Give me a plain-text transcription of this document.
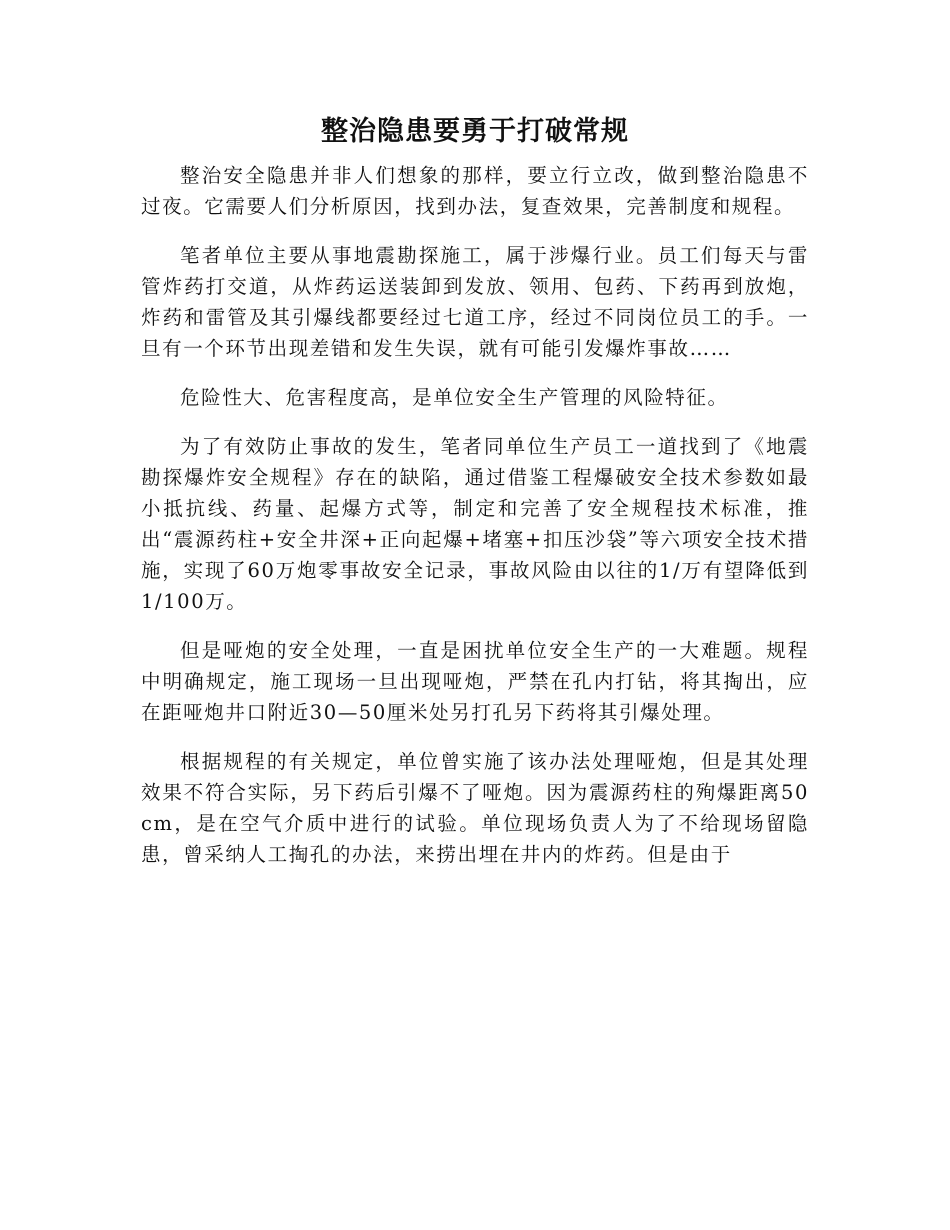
整治隐患要勇于打破常规

整治安全隐患并非人们想象的那样，要立行立改，做到整治隐患不过夜。它需要人们分析原因，找到办法，复查效果，完善制度和规程。

笔者单位主要从事地震勘探施工，属于涉爆行业。员工们每天与雷管炸药打交道，从炸药运送装卸到发放、领用、包药、下药再到放炮，炸药和雷管及其引爆线都要经过七道工序，经过不同岗位员工的手。一旦有一个环节出现差错和发生失误，就有可能引发爆炸事故……

危险性大、危害程度高，是单位安全生产管理的风险特征。

为了有效防止事故的发生，笔者同单位生产员工一道找到了《地震勘探爆炸安全规程》存在的缺陷，通过借鉴工程爆破安全技术参数如最小抵抗线、药量、起爆方式等，制定和完善了安全规程技术标准，推出“震源药柱+安全井深+正向起爆+堵塞+扣压沙袋”等六项安全技术措施，实现了60万炮零事故安全记录，事故风险由以往的1/万有望降低到1/100万。

但是哑炮的安全处理，一直是困扰单位安全生产的一大难题。规程中明确规定，施工现场一旦出现哑炮，严禁在孔内打钻，将其掏出，应在距哑炮井口附近30—50厘米处另打孔另下药将其引爆处理。

根据规程的有关规定，单位曾实施了该办法处理哑炮，但是其处理效果不符合实际，另下药后引爆不了哑炮。因为震源药柱的殉爆距离50cm，是在空气介质中进行的试验。单位现场负责人为了不给现场留隐患，曾采纳人工掏孔的办法，来捞出埋在井内的炸药。但是由于
